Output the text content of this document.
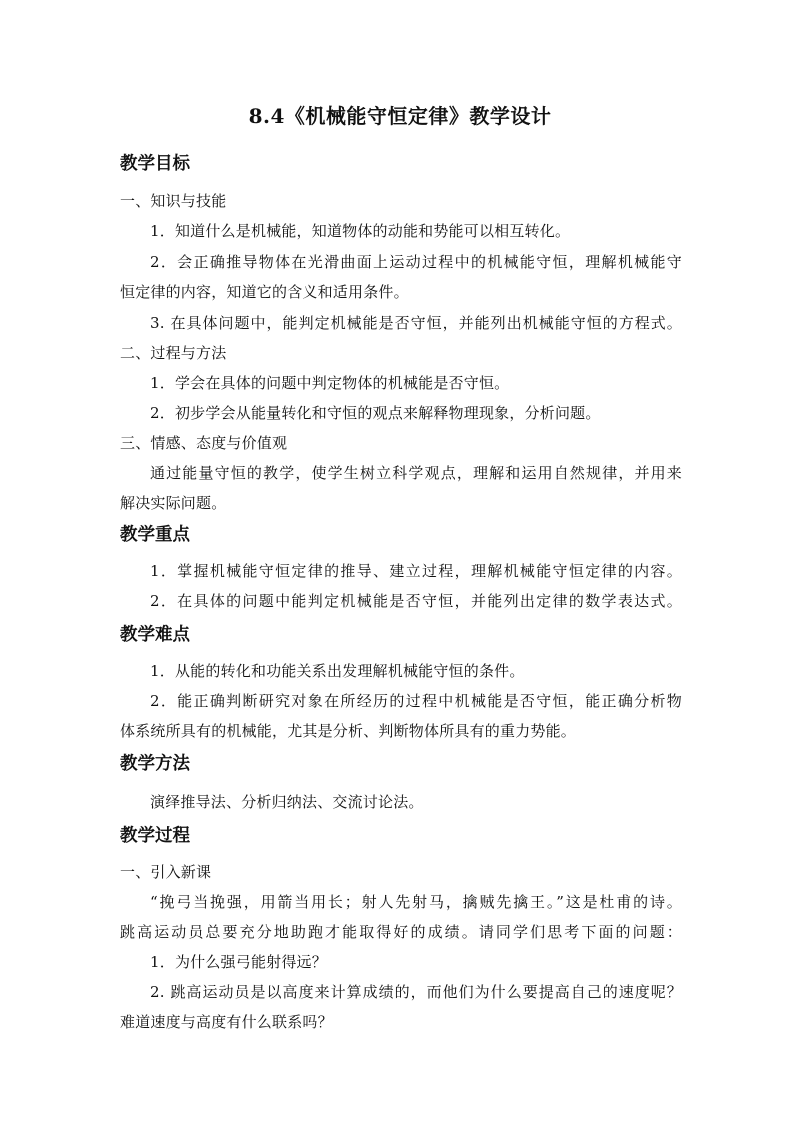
8.4《机械能守恒定律》教学设计
教学目标
一、知识与技能
1．知道什么是机械能，知道物体的动能和势能可以相互转化。
2．会正确推导物体在光滑曲面上运动过程中的机械能守恒，理解机械能守
恒定律的内容，知道它的含义和适用条件。
3. 在具体问题中，能判定机械能是否守恒，并能列出机械能守恒的方程式。
二、过程与方法
1．学会在具体的问题中判定物体的机械能是否守恒。
2．初步学会从能量转化和守恒的观点来解释物理现象，分析问题。
三、情感、态度与价值观
通过能量守恒的教学，使学生树立科学观点，理解和运用自然规律，并用来
解决实际问题。
教学重点
1．掌握机械能守恒定律的推导、建立过程，理解机械能守恒定律的内容。
2．在具体的问题中能判定机械能是否守恒，并能列出定律的数学表达式。
教学难点
1．从能的转化和功能关系出发理解机械能守恒的条件。
2．能正确判断研究对象在所经历的过程中机械能是否守恒，能正确分析物
体系统所具有的机械能，尤其是分析、判断物体所具有的重力势能。
教学方法
演绎推导法、分析归纳法、交流讨论法。
教学过程
一、引入新课
“挽弓当挽强，用箭当用长；射人先射马，擒贼先擒王。”这是杜甫的诗。
跳高运动员总要充分地助跑才能取得好的成绩。请同学们思考下面的问题：
1．为什么强弓能射得远？
2. 跳高运动员是以高度来计算成绩的，而他们为什么要提高自己的速度呢？
难道速度与高度有什么联系吗？
